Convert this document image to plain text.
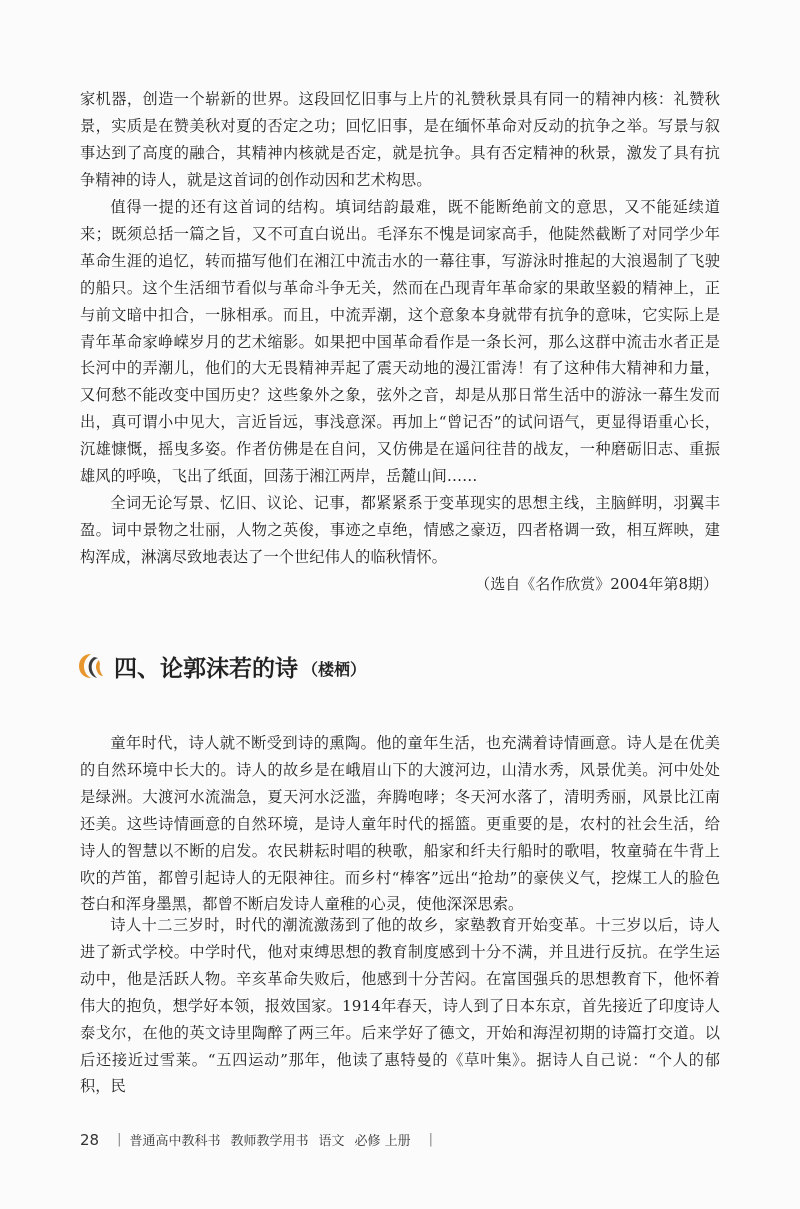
家机器，创造一个崭新的世界。这段回忆旧事与上片的礼赞秋景具有同一的精神内核：礼赞秋景，实质是在赞美秋对夏的否定之功；回忆旧事，是在缅怀革命对反动的抗争之举。写景与叙事达到了高度的融合，其精神内核就是否定，就是抗争。具有否定精神的秋景，激发了具有抗争精神的诗人，就是这首词的创作动因和艺术构思。

值得一提的还有这首词的结构。填词结韵最难，既不能断绝前文的意思，又不能延续道来；既须总括一篇之旨，又不可直白说出。毛泽东不愧是词家高手，他陡然截断了对同学少年革命生涯的追忆，转而描写他们在湘江中流击水的一幕往事，写游泳时推起的大浪遏制了飞驶的船只。这个生活细节看似与革命斗争无关，然而在凸现青年革命家的果敢坚毅的精神上，正与前文暗中扣合，一脉相承。而且，中流弄潮，这个意象本身就带有抗争的意味，它实际上是青年革命家峥嵘岁月的艺术缩影。如果把中国革命看作是一条长河，那么这群中流击水者正是长河中的弄潮儿，他们的大无畏精神弄起了震天动地的漫江雷涛！有了这种伟大精神和力量，又何愁不能改变中国历史？这些象外之象，弦外之音，却是从那日常生活中的游泳一幕生发而出，真可谓小中见大，言近旨远，事浅意深。再加上“曾记否”的试问语气，更显得语重心长，沉雄慷慨，摇曳多姿。作者仿佛是在自问，又仿佛是在遥问往昔的战友，一种磨砺旧志、重振雄风的呼唤，飞出了纸面，回荡于湘江两岸，岳麓山间……

全词无论写景、忆旧、议论、记事，都紧紧系于变革现实的思想主线，主脑鲜明，羽翼丰盈。词中景物之壮丽，人物之英俊，事迹之卓绝，情感之豪迈，四者格调一致，相互辉映，建构浑成，淋漓尽致地表达了一个世纪伟人的临秋情怀。

（选自《名作欣赏》2004年第8期）

四、论郭沫若的诗 （楼栖）

童年时代，诗人就不断受到诗的熏陶。他的童年生活，也充满着诗情画意。诗人是在优美的自然环境中长大的。诗人的故乡是在峨眉山下的大渡河边，山清水秀，风景优美。河中处处是绿洲。大渡河水流湍急，夏天河水泛滥，奔腾咆哮；冬天河水落了，清明秀丽，风景比江南还美。这些诗情画意的自然环境，是诗人童年时代的摇篮。更重要的是，农村的社会生活，给诗人的智慧以不断的启发。农民耕耘时唱的秧歌，船家和纤夫行船时的歌唱，牧童骑在牛背上吹的芦笛，都曾引起诗人的无限神往。而乡村“棒客”远出“抢劫”的豪侠义气，挖煤工人的脸色苍白和浑身墨黑，都曾不断启发诗人童稚的心灵，使他深深思索。

诗人十二三岁时，时代的潮流激荡到了他的故乡，家塾教育开始变革。十三岁以后，诗人进了新式学校。中学时代，他对束缚思想的教育制度感到十分不满，并且进行反抗。在学生运动中，他是活跃人物。辛亥革命失败后，他感到十分苦闷。在富国强兵的思想教育下，他怀着伟大的抱负，想学好本领，报效国家。1914年春天，诗人到了日本东京，首先接近了印度诗人泰戈尔，在他的英文诗里陶醉了两三年。后来学好了德文，开始和海涅初期的诗篇打交道。以后还接近过雪莱。“五四运动”那年，他读了惠特曼的《草叶集》。据诗人自己说：“个人的郁积，民

28 | 普通高中教科书 教师教学用书 语文 必修 上册 |
